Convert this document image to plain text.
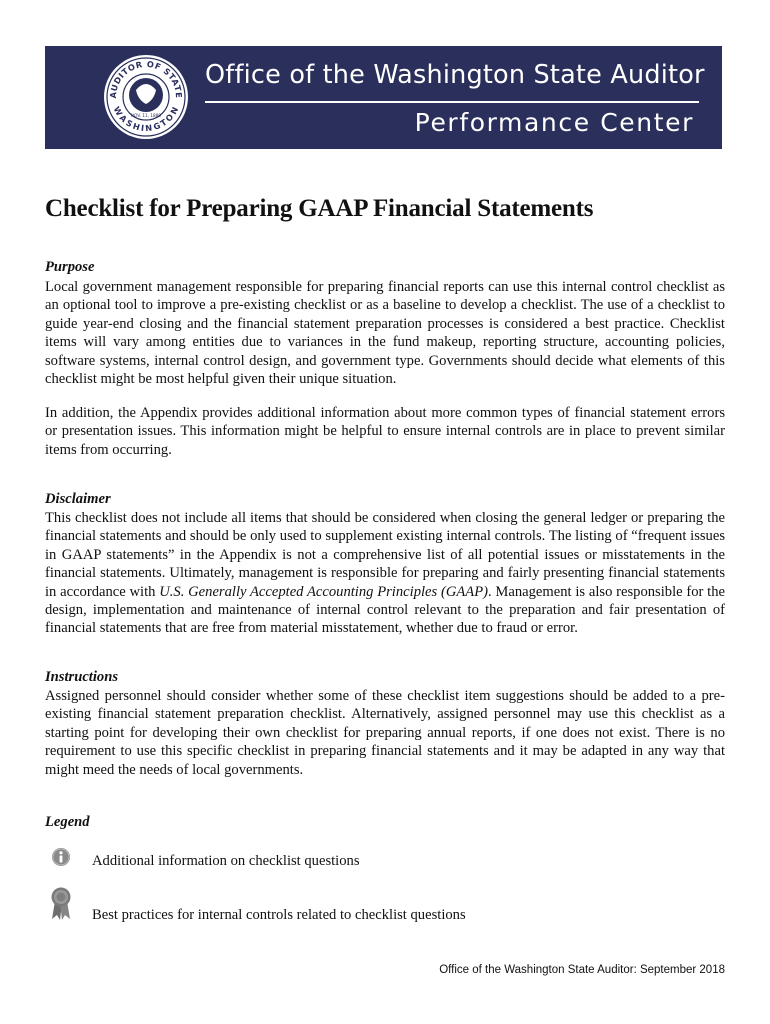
AUDITOR OF STATE
WASHINGTON
NOV. 11, 1889
Office of the Washington State Auditor
Performance Center
Checklist for Preparing GAAP Financial Statements
Purpose

Local government management responsible for preparing financial reports can use this internal control checklist as an optional tool to improve a pre-existing checklist or as a baseline to develop a checklist. The use of a checklist to guide year-end closing and the financial statement preparation processes is considered a best practice. Checklist items will vary among entities due to variances in the fund makeup, reporting structure, accounting policies, software systems, internal control design, and government type. Governments should decide what elements of this checklist might be most helpful given their unique situation.

In addition, the Appendix provides additional information about more common types of financial statement errors or presentation issues. This information might be helpful to ensure internal controls are in place to prevent similar items from occurring.

Disclaimer

This checklist does not include all items that should be considered when closing the general ledger or preparing the financial statements and should be only used to supplement existing internal controls. The listing of “frequent issues in GAAP statements” in the Appendix is not a comprehensive list of all potential issues or misstatements in the financial statements. Ultimately, management is responsible for preparing and fairly presenting financial statements in accordance with U.S. Generally Accepted Accounting Principles (GAAP). Management is also responsible for the design, implementation and maintenance of internal control relevant to the preparation and fair presentation of financial statements that are free from material misstatement, whether due to fraud or error.

Instructions

Assigned personnel should consider whether some of these checklist item suggestions should be added to a pre-existing financial statement preparation checklist. Alternatively, assigned personnel may use this checklist as a starting point for developing their own checklist for preparing annual reports, if one does not exist. There is no requirement to use this specific checklist in preparing financial statements and it may be adapted in any way that might meed the needs of local governments.

Legend
Additional information on checklist questions
Best practices for internal controls related to checklist questions
Office of the Washington State Auditor: September 2018
